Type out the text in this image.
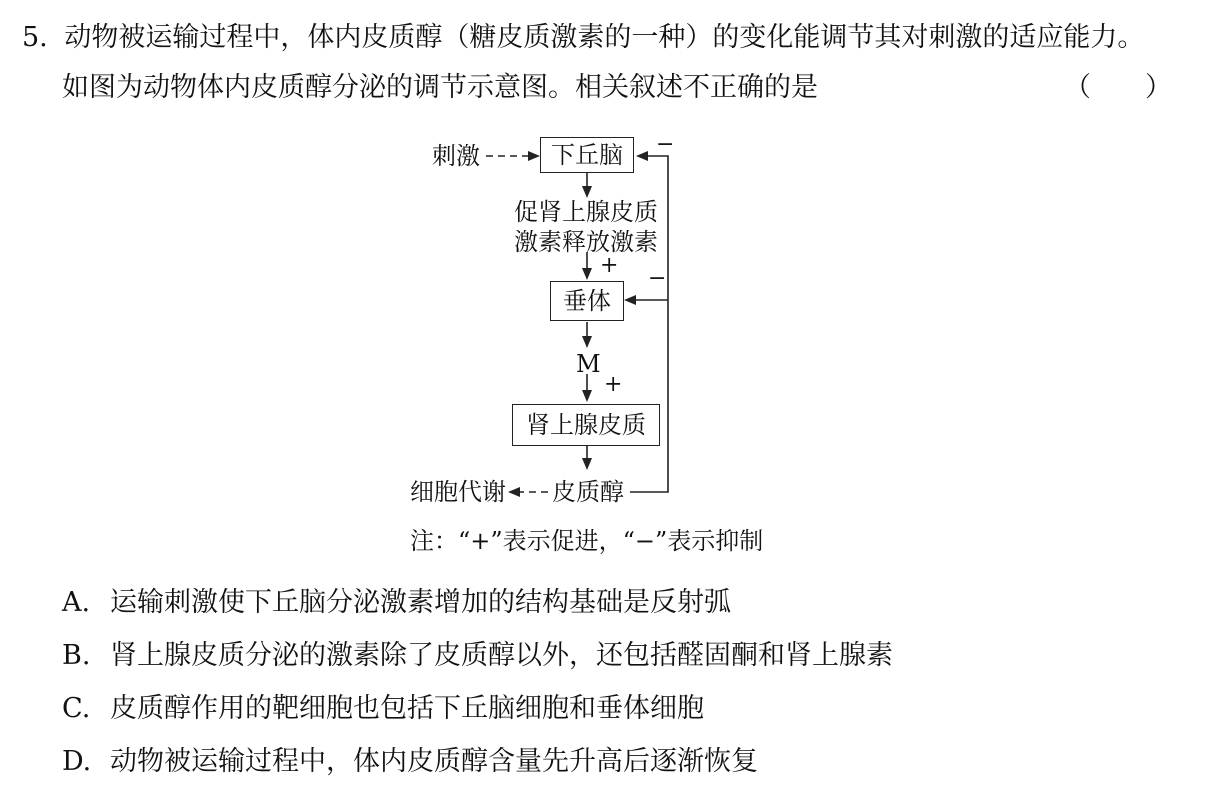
5. 动物被运输过程中，体内皮质醇（糖皮质激素的一种）的变化能调节其对刺激的适应能力。
如图为动物体内皮质醇分泌的调节示意图。相关叙述不正确的是	（　　）
刺激	下丘脑
促肾上腺皮质
激素释放激素
+
垂体
M
+
肾上腺皮质
皮质醇
细胞代谢
−
−
注：“+”表示促进，“−”表示抑制
A. 运输刺激使下丘脑分泌激素增加的结构基础是反射弧
B. 肾上腺皮质分泌的激素除了皮质醇以外，还包括醛固酮和肾上腺素
C. 皮质醇作用的靶细胞也包括下丘脑细胞和垂体细胞
D. 动物被运输过程中，体内皮质醇含量先升高后逐渐恢复
